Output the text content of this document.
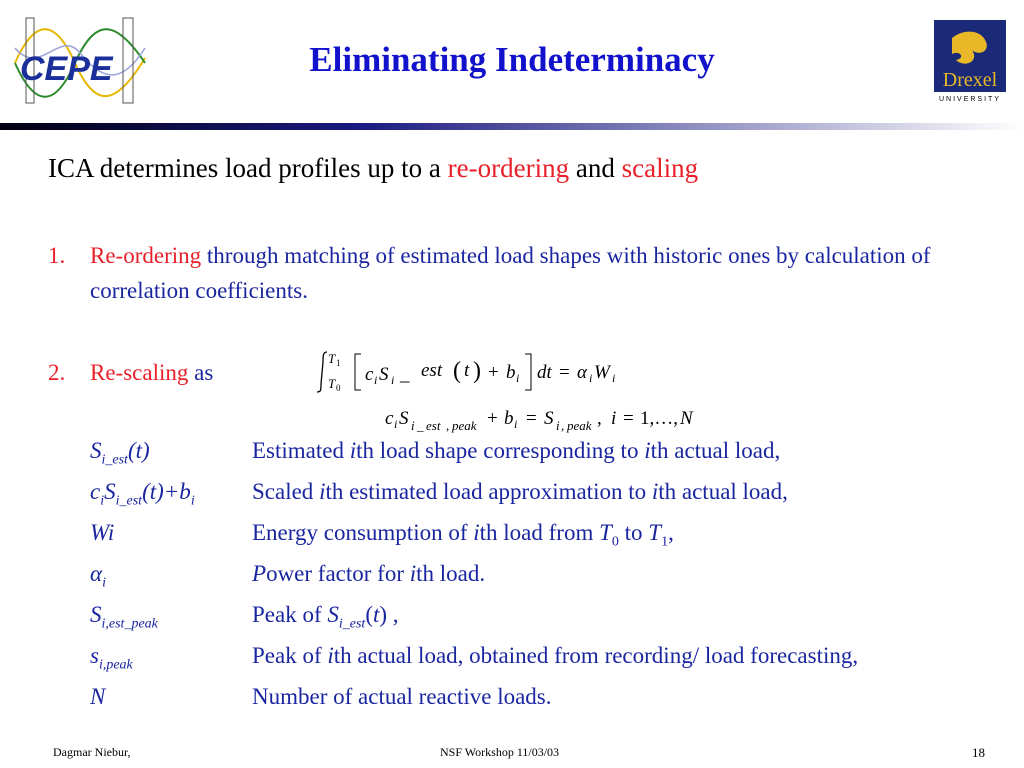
CEPE	Eliminating Indeterminacy
Drexel
UNIVERSITY
ICA determines load profiles up to a re-ordering and scaling
1. Re-ordering through matching of estimated load shapes with historic ones by calculation of correlation coefficients.
2. Re-scaling as
T 1
T 0
c i S i _ est ( t ) + b i dt = α i W i
c i S i _ est , peak + b i = S i , peak , i = 1,…, N
$S_{i\_est}(t)$	Estimated ith load shape corresponding to ith actual load,
$c_iS_{i\_est}(t)+b_i$ Scaled ith estimated load approximation to ith actual load,
Wi	Energy consumption of ith load from $T_0$ to $T_1$,
$\alpha_i$	Power factor for ith load.
$S_{i,est\_peak}$	Peak of $S_{i\_est}(t)$ ,
$s_{i,peak}$	Peak of ith actual load, obtained from recording/ load forecasting,
N	Number of actual reactive loads.
Dagmar Niebur,	NSF Workshop 11/03/03	18
